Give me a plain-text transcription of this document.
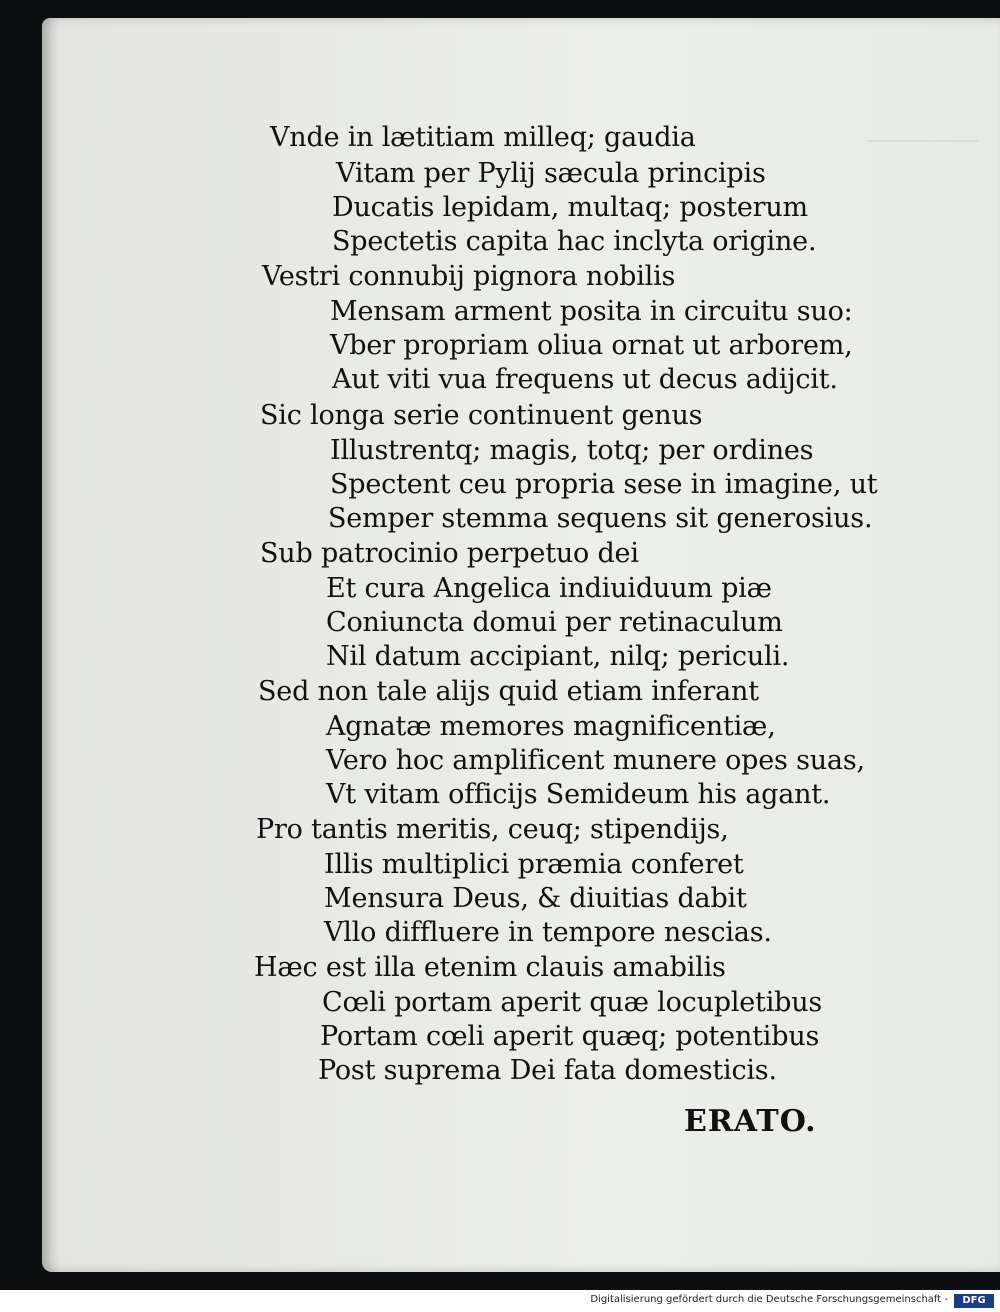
Vnde in lætitiam milleq; gaudia
Vitam per Pylij sæcula principis
Ducatis lepidam, multaq; posterum
Spectetis capita hac inclyta origine.
Vestri connubij pignora nobilis
Mensam arment posita in circuitu suo:
Vber propriam oliua ornat ut arborem,
Aut viti vua frequens ut decus adijcit.
Sic longa serie continuent genus
Illustrentq; magis, totq; per ordines
Spectent ceu propria sese in imagine, ut
Semper stemma sequens sit generosius.
Sub patrocinio perpetuo dei
Et cura Angelica indiuiduum piæ
Coniuncta domui per retinaculum
Nil datum accipiant, nilq; periculi.
Sed non tale alijs quid etiam inferant
Agnatæ memores magnificentiæ,
Vero hoc amplificent munere opes suas,
Vt vitam officijs Semideum his agant.
Pro tantis meritis, ceuq; stipendijs,
Illis multiplici præmia conferet
Mensura Deus, & diuitias dabit
Vllo diffluere in tempore nescias.
Hæc est illa etenim clauis amabilis
Cœli portam aperit quæ locupletibus
Portam cœli aperit quæq; potentibus
Post suprema Dei fata domesticis.
ERATO.
Digitalisierung gefördert durch die Deutsche Forschungsgemeinschaft -	DFG
